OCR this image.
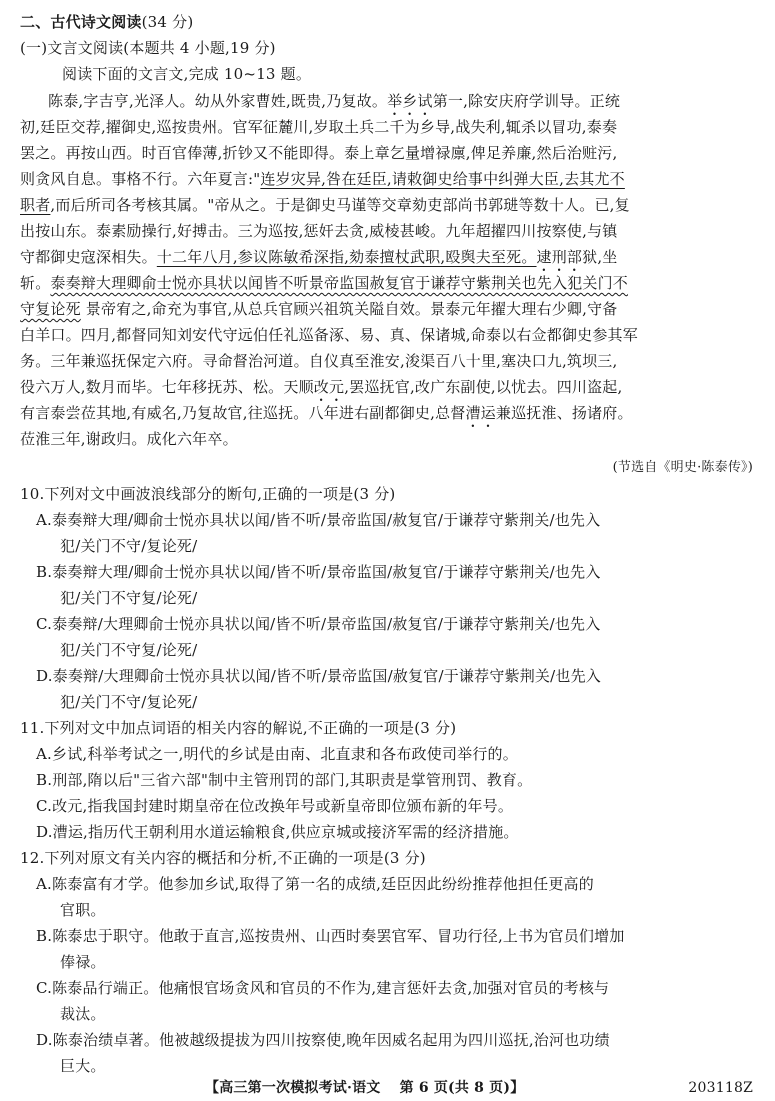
二、古代诗文阅读(34 分)
(一)文言文阅读(本题共 4 小题,19 分)
阅读下面的文言文,完成 10~13 题。
陈泰,字吉亨,光泽人。幼从外家曹姓,既贵,乃复故。举乡试第一,除安庆府学训导。正统
初,廷臣交荐,擢御史,巡按贵州。官军征麓川,岁取土兵二千为乡导,战失利,辄杀以冒功,泰奏
罢之。再按山西。时百官俸薄,折钞又不能即得。泰上章乞量增禄廪,俾足养廉,然后治赃污,
则贪风自息。事格不行。六年夏言:"连岁灾异,咎在廷臣,请敕御史给事中纠弹大臣,去其尤不
职者,而后所司各考核其属。"帝从之。于是御史马谨等交章劾吏部尚书郭琎等数十人。已,复
出按山东。泰素励操行,好搏击。三为巡按,惩奸去贪,威棱甚峻。九年超擢四川按察使,与镇
守都御史寇深相失。十二年八月,参议陈敏希深指,劾泰擅杖武职,殴舆夫至死。逮刑部狱,坐
斩。泰奏辩大理卿俞士悦亦具状以闻皆不听景帝监国赦复官于谦荐守紫荆关也先入犯关门不
守复论死 景帝宥之,命充为事官,从总兵官顾兴祖筑关隘自效。景泰元年擢大理右少卿,守备
白羊口。四月,都督同知刘安代守远伯任礼巡备涿、易、真、保诸城,命泰以右佥都御史参其军
务。三年兼巡抚保定六府。寻命督治河道。自仪真至淮安,浚渠百八十里,塞决口九,筑坝三,
役六万人,数月而毕。七年移抚苏、松。天顺改元,罢巡抚官,改广东副使,以忧去。四川盗起,
有言泰尝莅其地,有威名,乃复故官,往巡抚。八年进右副都御史,总督漕运兼巡抚淮、扬诸府。
莅淮三年,谢政归。成化六年卒。
(节选自《明史·陈泰传》)
10.下列对文中画波浪线部分的断句,正确的一项是(3 分)
A.泰奏辩大理/卿俞士悦亦具状以闻/皆不听/景帝监国/赦复官/于谦荐守紫荆关/也先入
犯/关门不守/复论死/
B.泰奏辩大理/卿俞士悦亦具状以闻/皆不听/景帝监国/赦复官/于谦荐守紫荆关/也先入
犯/关门不守复/论死/
C.泰奏辩/大理卿俞士悦亦具状以闻/皆不听/景帝监国/赦复官/于谦荐守紫荆关/也先入
犯/关门不守复/论死/
D.泰奏辩/大理卿俞士悦亦具状以闻/皆不听/景帝监国/赦复官/于谦荐守紫荆关/也先入
犯/关门不守/复论死/
11.下列对文中加点词语的相关内容的解说,不正确的一项是(3 分)
A.乡试,科举考试之一,明代的乡试是由南、北直隶和各布政使司举行的。
B.刑部,隋以后"三省六部"制中主管刑罚的部门,其职责是掌管刑罚、教育。
C.改元,指我国封建时期皇帝在位改换年号或新皇帝即位颁布新的年号。
D.漕运,指历代王朝利用水道运输粮食,供应京城或接济军需的经济措施。
12.下列对原文有关内容的概括和分析,不正确的一项是(3 分)
A.陈泰富有才学。他参加乡试,取得了第一名的成绩,廷臣因此纷纷推荐他担任更高的
官职。
B.陈泰忠于职守。他敢于直言,巡按贵州、山西时奏罢官军、冒功行径,上书为官员们增加
俸禄。
C.陈泰品行端正。他痛恨官场贪风和官员的不作为,建言惩奸去贪,加强对官员的考核与
裁汰。
D.陈泰治绩卓著。他被越级提拔为四川按察使,晚年因威名起用为四川巡抚,治河也功绩
巨大。
【高三第一次模拟考试·语文 第 6 页(共 8 页)】	203118Z
